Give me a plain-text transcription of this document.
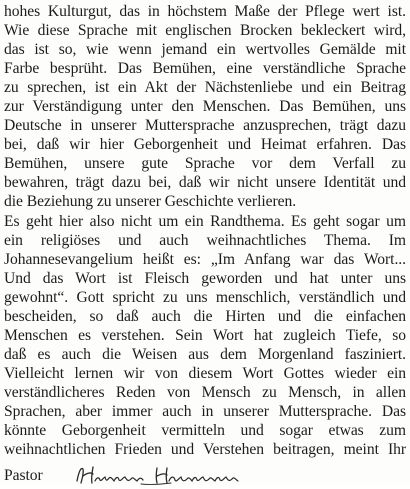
hohes Kulturgut, das in höchstem Maße der Pflege wert ist.
Wie diese Sprache mit englischen Brocken bekleckert wird,
das ist so, wie wenn jemand ein wertvolles Gemälde mit
Farbe besprüht. Das Bemühen, eine verständliche Sprache
zu sprechen, ist ein Akt der Nächstenliebe und ein Beitrag
zur Verständigung unter den Menschen. Das Bemühen, uns
Deutsche in unserer Muttersprache anzusprechen, trägt dazu
bei, daß wir hier Geborgenheit und Heimat erfahren. Das
Bemühen, unsere gute Sprache vor dem Verfall zu
bewahren, trägt dazu bei, daß wir nicht unsere Identität und
die Beziehung zu unserer Geschichte verlieren.
Es geht hier also nicht um ein Randthema. Es geht sogar um
ein religiöses und auch weihnachtliches Thema. Im
Johannesevangelium heißt es: „Im Anfang war das Wort...
Und das Wort ist Fleisch geworden und hat unter uns
gewohnt“. Gott spricht zu uns menschlich, verständlich und
bescheiden, so daß auch die Hirten und die einfachen
Menschen es verstehen. Sein Wort hat zugleich Tiefe, so
daß es auch die Weisen aus dem Morgenland fasziniert.
Vielleicht lernen wir von diesem Wort Gottes wieder ein
verständlicheres Reden von Mensch zu Mensch, in allen
Sprachen, aber immer auch in unserer Muttersprache. Das
könnte Geborgenheit vermitteln und sogar etwas zum
weihnachtlichen Frieden und Verstehen beitragen, meint Ihr
Pastor
